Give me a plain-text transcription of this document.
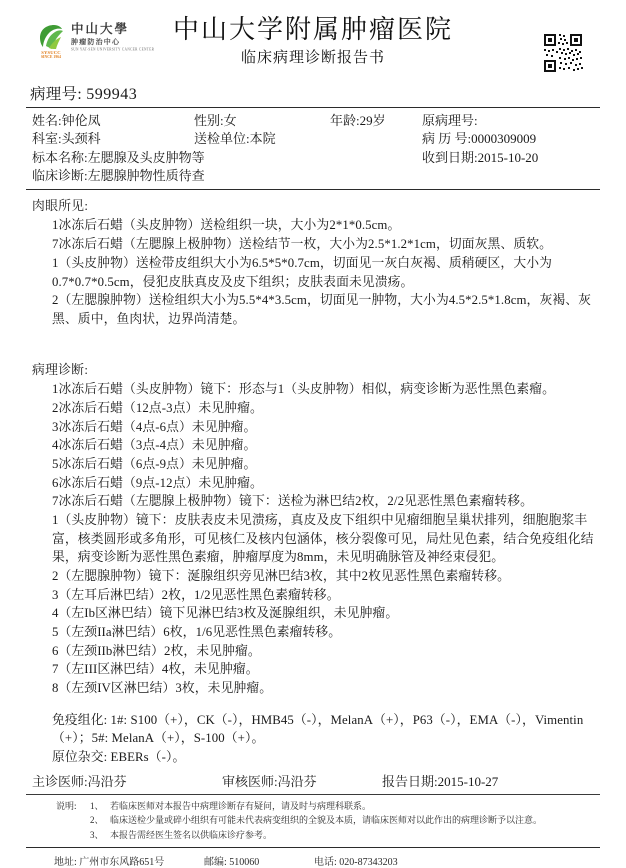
中山大學
肿瘤防治中心
SUN YAT-SEN UNIVERSITY CANCER CENTER
SYSUCC
SINCE 1964
中山大学附属肿瘤医院
临床病理诊断报告书
病理号: 599943
姓名:钟伦凤	性别:女	年龄:29岁	原病理号:
科室:头颈科	送检单位:本院	病 历 号:0000309009
标本名称:左腮腺及头皮肿物等	收到日期:2015-10-20
临床诊断:左腮腺肿物性质待查
肉眼所见:
1冰冻后石蜡（头皮肿物）送检组织一块，大小为2*1*0.5cm。
7冰冻后石蜡（左腮腺上极肿物）送检结节一枚，大小为2.5*1.2*1cm，切面灰黑、质软。
1（头皮肿物）送检带皮组织大小为6.5*5*0.7cm，切面见一灰白灰褐、质稍硬区，大小为0.7*0.7*0.5cm，侵犯皮肤真皮及皮下组织；皮肤表面未见溃疡。
2（左腮腺肿物）送检组织大小为5.5*4*3.5cm，切面见一肿物，大小为4.5*2.5*1.8cm，灰褐、灰黑、质中，鱼肉状，边界尚清楚。
病理诊断:
1冰冻后石蜡（头皮肿物）镜下：形态与1（头皮肿物）相似，病变诊断为恶性黑色素瘤。
2冰冻后石蜡（12点-3点）未见肿瘤。
3冰冻后石蜡（4点-6点）未见肿瘤。
4冰冻后石蜡（3点-4点）未见肿瘤。
5冰冻后石蜡（6点-9点）未见肿瘤。
6冰冻后石蜡（9点-12点）未见肿瘤。
7冰冻后石蜡（左腮腺上极肿物）镜下：送检为淋巴结2枚，2/2见恶性黑色素瘤转移。
1（头皮肿物）镜下：皮肤表皮未见溃疡，真皮及皮下组织中见瘤细胞呈巢状排列，细胞胞浆丰富，核类圆形或多角形，可见核仁及核内包涵体，核分裂像可见，局灶见色素，结合免疫组化结果，病变诊断为恶性黑色素瘤，肿瘤厚度为8mm，未见明确脉管及神经束侵犯。
2（左腮腺肿物）镜下：涎腺组织旁见淋巴结3枚，其中2枚见恶性黑色素瘤转移。
3（左耳后淋巴结）2枚，1/2见恶性黑色素瘤转移。
4（左Ib区淋巴结）镜下见淋巴结3枚及涎腺组织，未见肿瘤。
5（左颈IIa淋巴结）6枚，1/6见恶性黑色素瘤转移。
6（左颈IIb淋巴结）2枚，未见肿瘤。
7（左III区淋巴结）4枚，未见肿瘤。
8（左颈IV区淋巴结）3枚，未见肿瘤。
免疫组化: 1#: S100（+），CK（-），HMB45（-），MelanA（+），P63（-），EMA（-），Vimentin（+）；5#: MelanA（+），S-100（+）。
原位杂交: EBERs（-）。
主诊医师:冯沿芬	审核医师:冯沿芬	报告日期:2015-10-27
说明:	1、 若临床医师对本报告中病理诊断存有疑问，请及时与病理科联系。
2、 临床送检少量或碎小组织有可能未代表病变组织的全貌及本质，请临床医师对以此作出的病理诊断予以注意。
3、 本报告需经医生签名以供临床诊疗参考。
地址: 广州市东风路651号	邮编: 510060	电话: 020-87343203
